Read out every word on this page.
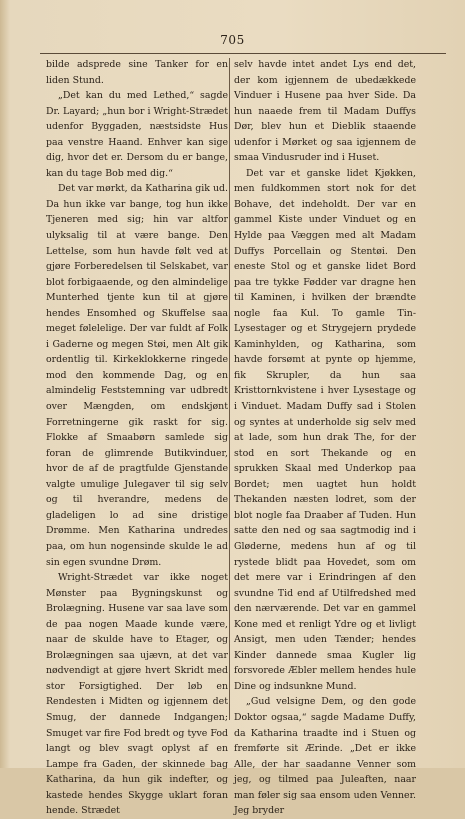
705

bilde adsprede sine Tanker for en liden Stund.

„Det kan du med Lethed,“ sagde Dr. Layard; „hun bor i Wright-Strædet udenfor Byggaden, næstsidste Hus paa venstre Haand. Enhver kan sige dig, hvor det er. Dersom du er bange, kan du tage Bob med dig.“

Det var mørkt, da Katharina gik ud. Da hun ikke var bange, tog hun ikke Tjeneren med sig; hin var altfor ulyksalig til at være bange. Den Lettelse, som hun havde følt ved at gjøre Forberedelsen til Selskabet, var blot forbigaaende, og den almindelige Munterhed tjente kun til at gjøre hendes Ensomhed og Skuffelse saa meget følelelige. Der var fuldt af Folk i Gaderne og megen Støi, men Alt gik ordentlig til. Kirkeklokkerne ringede mod den kommende Dag, og en almindelig Feststemning var udbredt over Mængden, om endskjønt Forretningerne gik raskt for sig. Flokke af Smaabørn samlede sig foran de glimrende Butikvinduer, hvor de af de pragtfulde Gjenstande valgte umulige Julegaver til sig selv og til hverandre, medens de gladeligen lo ad sine dristige Drømme. Men Katharina undredes paa, om hun nogensinde skulde le ad sin egen svundne Drøm.

Wright-Strædet var ikke noget Mønster paa Bygningskunst og Brolægning. Husene var saa lave som de paa nogen Maade kunde være, naar de skulde have to Etager, og Brolægningen saa ujævn, at det var nødvendigt at gjøre hvert Skridt med stor Forsigtighed. Der løb en Rendesten i Midten og igjennem det Smug, der dannede Indgangen; Smuget var fire Fod bredt og tyve Fod langt og blev svagt oplyst af en Lampe fra Gaden, der skinnede bag Katharina, da hun gik indefter, og kastede hendes Skygge uklart foran hende. Strædet

selv havde intet andet Lys end det, der kom igjennem de ubedækkede Vinduer i Husene paa hver Side. Da hun naaede frem til Madam Duffys Dør, blev hun et Dieblik staaende udenfor i Mørket og saa igjennem de smaa Vindusruder ind i Huset.

Det var et ganske lidet Kjøkken, men fuldkommen stort nok for det Bohave, det indeholdt. Der var en gammel Kiste under Vinduet og en Hylde paa Væggen med alt Madam Duffys Porcellain og Stentøi. Den eneste Stol og et ganske lidet Bord paa tre tykke Fødder var dragne hen til Kaminen, i hvilken der brændte nogle faa Kul. To gamle Tin-Lysestager og et Strygejern prydede Kaminhylden, og Katharina, som havde forsømt at pynte op hjemme, fik Skrupler, da hun saa Kristtornkvistene i hver Lysestage og i Vinduet. Madam Duffy sad i Stolen og syntes at underholde sig selv med at lade, som hun drak The, for der stod en sort Thekande og en sprukken Skaal med Underkop paa Bordet; men uagtet hun holdt Thekanden næsten lodret, som der blot nogle faa Draaber af Tuden. Hun satte den ned og saa sagtmodig ind i Gløderne, medens hun af og til rystede blidt paa Hovedet, som om det mere var i Erindringen af den svundne Tid end af Utilfredshed med den nærværende. Det var en gammel Kone med et renligt Ydre og et livligt Ansigt, men uden Tænder; hendes Kinder dannede smaa Kugler lig forsvorede Æbler mellem hendes hule Dine og indsunkne Mund.

„Gud velsigne Dem, og den gode Doktor ogsaa,“ sagde Madame Duffy, da Katharina traadte ind i Stuen og fremførte sit Ærinde. „Det er ikke Alle, der har saadanne Venner som jeg, og tilmed paa Juleaften, naar man føler sig saa ensom uden Venner. Jeg bryder
